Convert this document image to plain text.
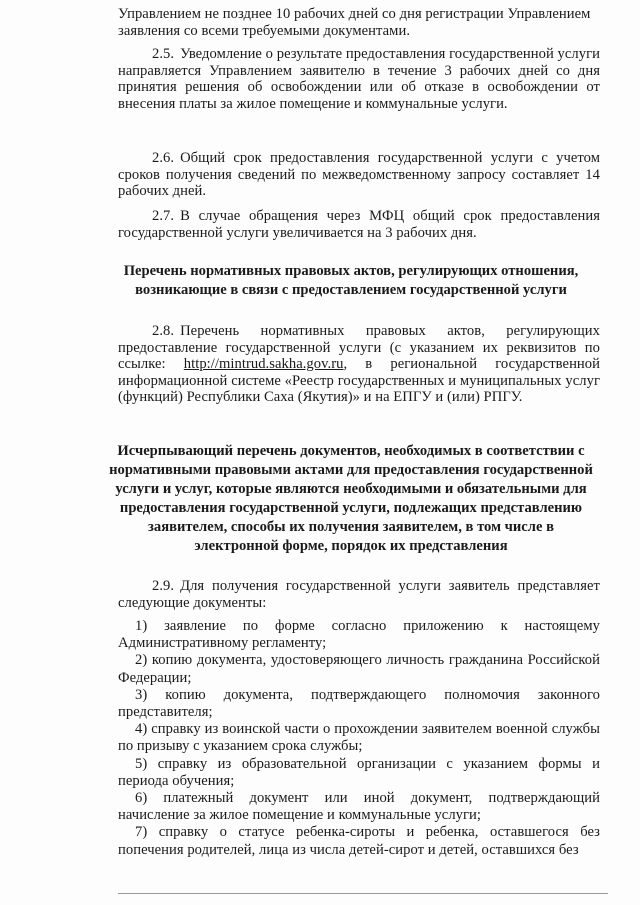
Управлением не позднее 10 рабочих дней со дня регистрации Управлением

заявления со всеми требуемыми документами.

2.5. Уведомление о результате предоставления государственной услуги направляется Управлением заявителю в течение 3 рабочих дней со дня принятия решения об освобождении или об отказе в освобождении от внесения платы за жилое помещение и коммунальные услуги.

2.6. Общий срок предоставления государственной услуги с учетом сроков получения сведений по межведомственному запросу составляет 14 рабочих дней.

2.7. В случае обращения через МФЦ общий срок предоставления государственной услуги увеличивается на 3 рабочих дня.

Перечень нормативных правовых актов, регулирующих отношения,
возникающие в связи с предоставлением государственной услуги

2.8. Перечень нормативных правовых актов, регулирующих предоставление государственной услуги (с указанием их реквизитов по ссылке: http://mintrud.sakha.gov.ru, в региональной государственной информационной системе «Реестр государственных и муниципальных услуг (функций) Республики Саха (Якутия)» и на ЕПГУ и (или) РПГУ.

Исчерпывающий перечень документов, необходимых в соответствии с
нормативными правовыми актами для предоставления государственной
услуги и услуг, которые являются необходимыми и обязательными для
предоставления государственной услуги, подлежащих представлению
заявителем, способы их получения заявителем, в том числе в
электронной форме, порядок их представления

2.9. Для получения государственной услуги заявитель представляет следующие документы:

1) заявление по форме согласно приложению к настоящему Административному регламенту;

2) копию документа, удостоверяющего личность гражданина Российской Федерации;

3) копию документа, подтверждающего полномочия законного представителя;

4) справку из воинской части о прохождении заявителем военной службы по призыву с указанием срока службы;

5) справку из образовательной организации с указанием формы и периода обучения;

6) платежный документ или иной документ, подтверждающий начисление за жилое помещение и коммунальные услуги;

7) справку о статусе ребенка-сироты и ребенка, оставшегося без попечения родителей, лица из числа детей-сирот и детей, оставшихся без
